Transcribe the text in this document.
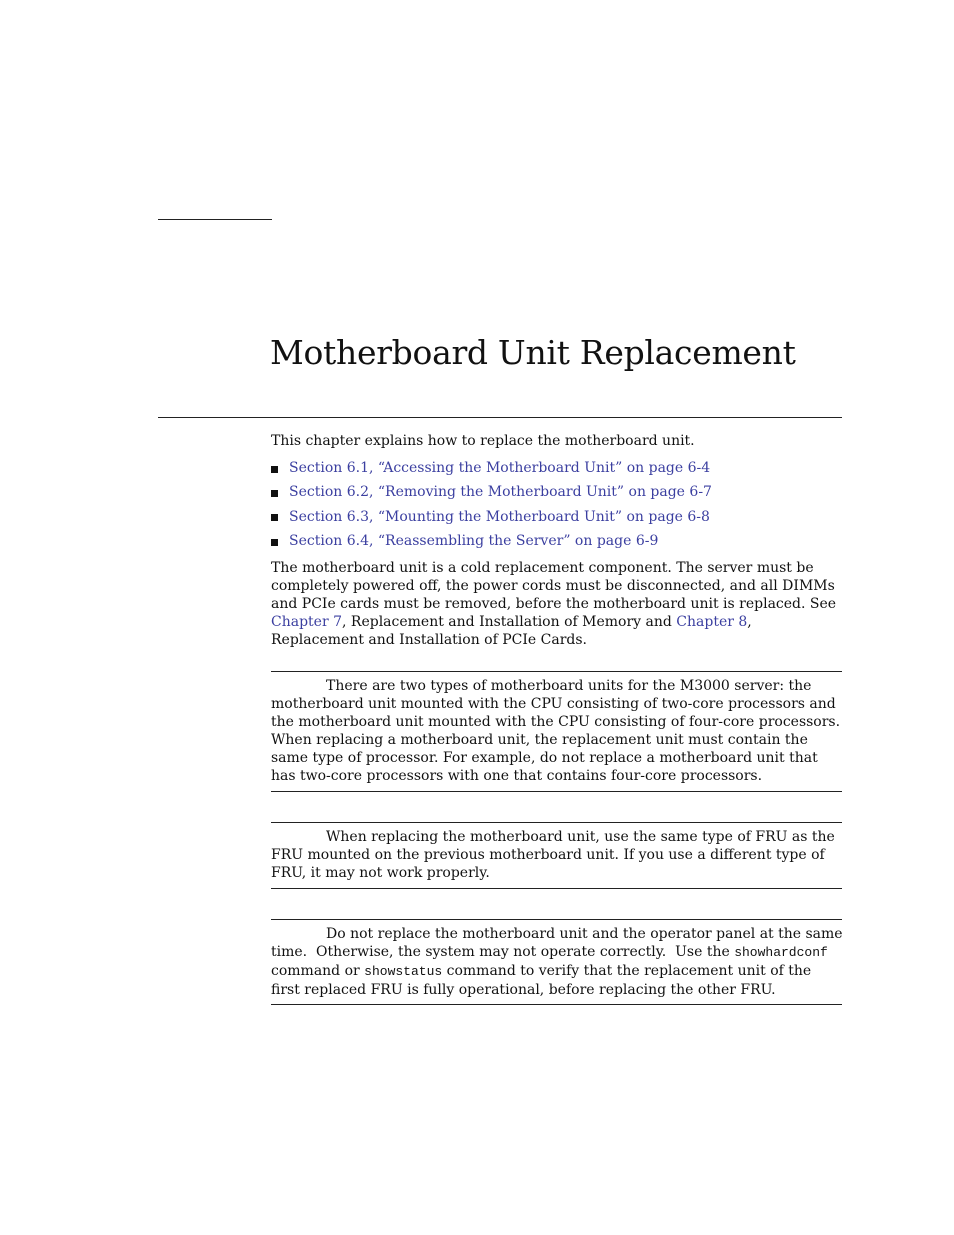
Motherboard Unit Replacement
This chapter explains how to replace the motherboard unit.
Section 6.1, “Accessing the Motherboard Unit” on page 6-4
Section 6.2, “Removing the Motherboard Unit” on page 6-7
Section 6.3, “Mounting the Motherboard Unit” on page 6-8
Section 6.4, “Reassembling the Server” on page 6-9

The motherboard unit is a cold replacement component. The server must be completely powered off, the power cords must be disconnected, and all DIMMs and PCIe cards must be removed, before the motherboard unit is replaced. See Chapter 7, Replacement and Installation of Memory and Chapter 8, Replacement and Installation of PCIe Cards.

There are two types of motherboard units for the M3000 server: the motherboard unit mounted with the CPU consisting of two-core processors and the motherboard unit mounted with the CPU consisting of four-core processors. When replacing a motherboard unit, the replacement unit must contain the same type of processor. For example, do not replace a motherboard unit that has two-core processors with one that contains four-core processors.

When replacing the motherboard unit, use the same type of FRU as the FRU mounted on the previous motherboard unit. If you use a different type of FRU, it may not work properly.

Do not replace the motherboard unit and the operator panel at the same time.  Otherwise, the system may not operate correctly.  Use the showhardconf command or showstatus command to verify that the replacement unit of the first replaced FRU is fully operational, before replacing the other FRU.
